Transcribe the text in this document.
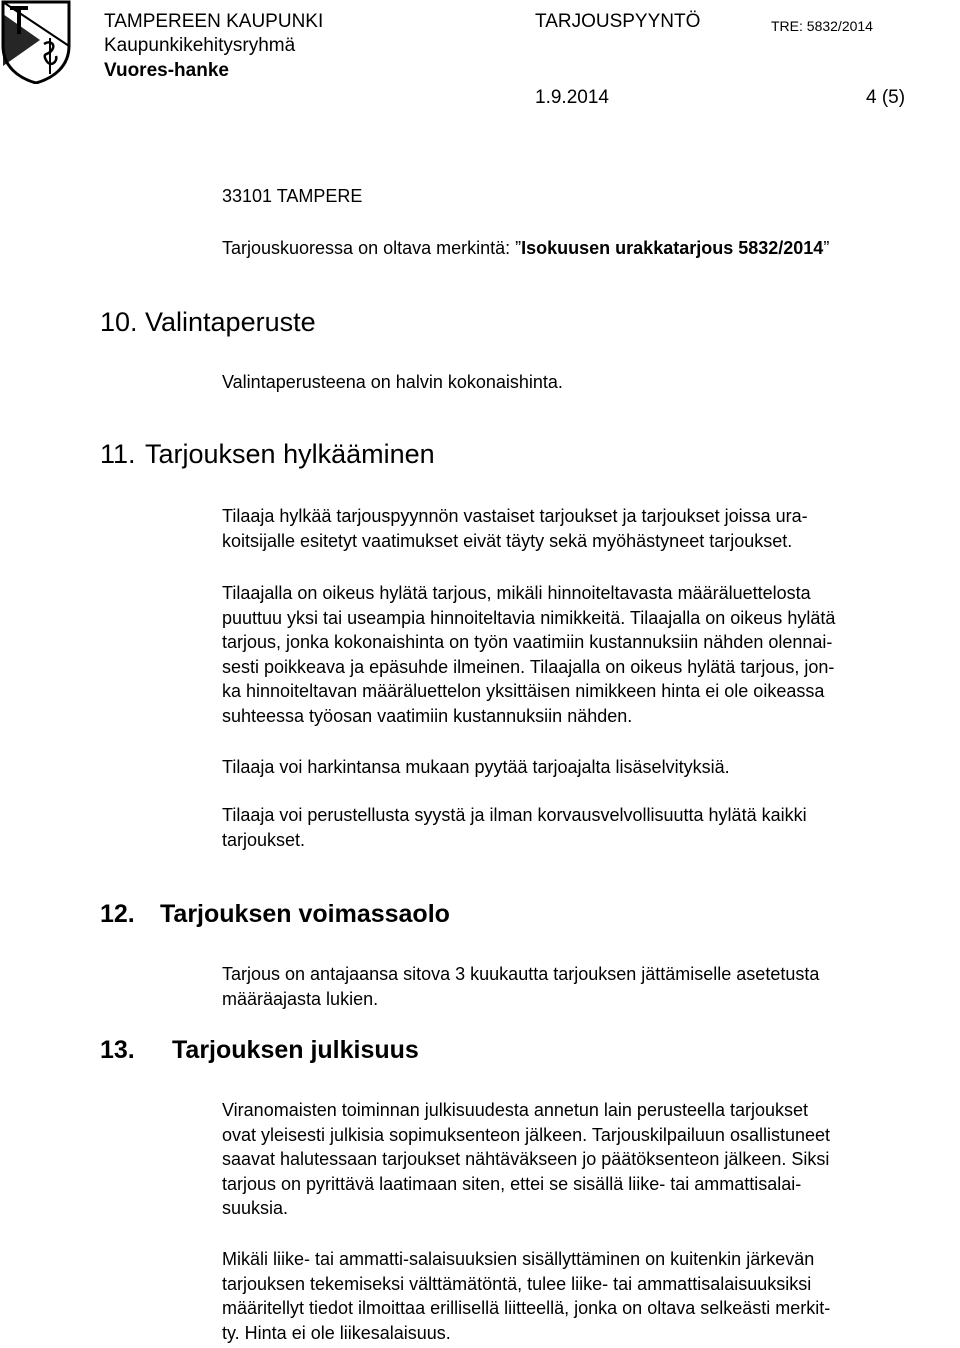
TAMPEREEN KAUPUNKI
Kaupunkikehitysryhmä
Vuores-hanke
TARJOUSPYYNTÖ	TRE: 5832/2014
1.9.2014	4 (5)
33101 TAMPERE
Tarjouskuoressa on oltava merkintä: ”Isokuusen urakkatarjous 5832/2014”
10. Valintaperuste
Valintaperusteena on halvin kokonaishinta.
11. Tarjouksen hylkääminen
Tilaaja hylkää tarjouspyynnön vastaiset tarjoukset ja tarjoukset joissa ura-
koitsijalle esitetyt vaatimukset eivät täyty sekä myöhästyneet tarjoukset.
Tilaajalla on oikeus hylätä tarjous, mikäli hinnoiteltavasta määräluettelosta
puuttuu yksi tai useampia hinnoiteltavia nimikkeitä. Tilaajalla on oikeus hylätä
tarjous, jonka kokonaishinta on työn vaatimiin kustannuksiin nähden olennai-
sesti poikkeava ja epäsuhde ilmeinen. Tilaajalla on oikeus hylätä tarjous, jon-
ka hinnoiteltavan määräluettelon yksittäisen nimikkeen hinta ei ole oikeassa
suhteessa työosan vaatimiin kustannuksiin nähden.
Tilaaja voi harkintansa mukaan pyytää tarjoajalta lisäselvityksiä.
Tilaaja voi perustellusta syystä ja ilman korvausvelvollisuutta hylätä kaikki
tarjoukset.
12. Tarjouksen voimassaolo
Tarjous on antajaansa sitova 3 kuukautta tarjouksen jättämiselle asetetusta
määräajasta lukien.
13. Tarjouksen julkisuus
Viranomaisten toiminnan julkisuudesta annetun lain perusteella tarjoukset
ovat yleisesti julkisia sopimuksenteon jälkeen. Tarjouskilpailuun osallistuneet
saavat halutessaan tarjoukset nähtäväkseen jo päätöksenteon jälkeen. Siksi
tarjous on pyrittävä laatimaan siten, ettei se sisällä liike- tai ammattisalai-
suuksia.
Mikäli liike- tai ammatti-salaisuuksien sisällyttäminen on kuitenkin järkevän
tarjouksen tekemiseksi välttämätöntä, tulee liike- tai ammattisalaisuuksiksi
määritellyt tiedot ilmoittaa erillisellä liitteellä, jonka on oltava selkeästi merkit-
ty. Hinta ei ole liikesalaisuus.
